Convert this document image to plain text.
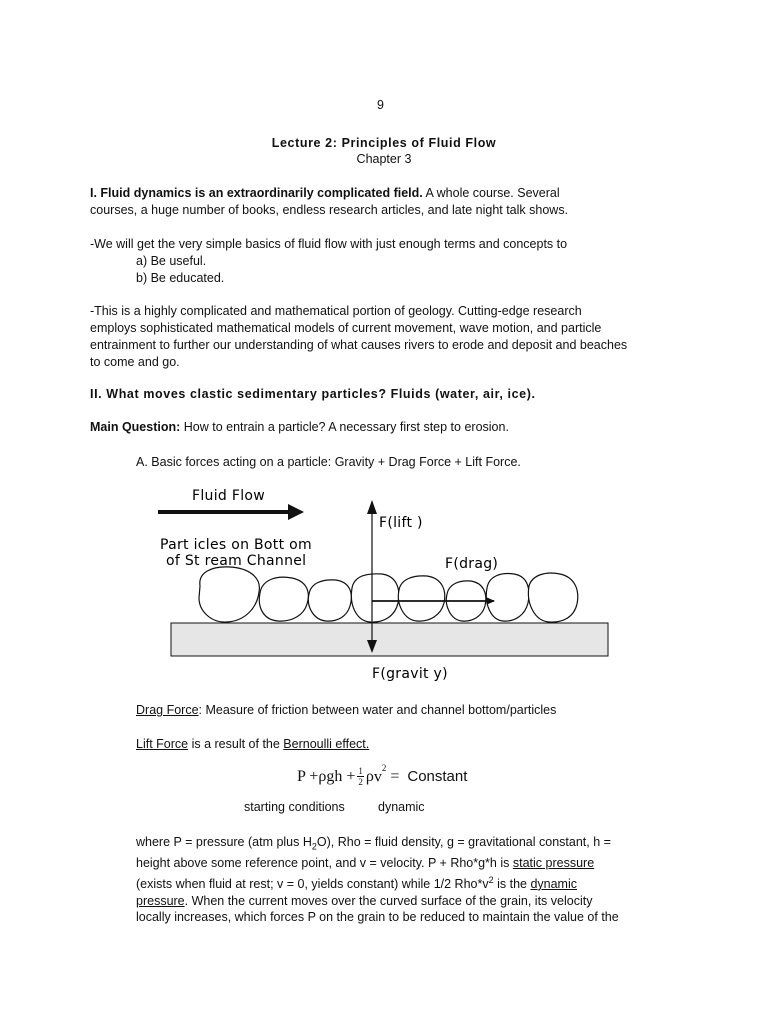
9
Lecture 2: Principles of Fluid Flow
Chapter 3
I. Fluid dynamics is an extraordinarily complicated field. A whole course. Several
courses, a huge number of books, endless research articles, and late night talk shows.
-We will get the very simple basics of fluid flow with just enough terms and concepts to
a) Be useful.
b) Be educated.
-This is a highly complicated and mathematical portion of geology. Cutting-edge research
employs sophisticated mathematical models of current movement, wave motion, and particle
entrainment to further our understanding of what causes rivers to erode and deposit and beaches
to come and go.
II. What moves clastic sedimentary particles? Fluids (water, air, ice).
Main Question: How to entrain a particle? A necessary first step to erosion.
A. Basic forces acting on a particle: Gravity + Drag Force + Lift Force.
Fluid Flow
Part icles on Bott om
of St ream Channel
F(lift )
F(drag)
F(gravit y)
Drag Force: Measure of friction between water and channel bottom/particles
Lift Force is a result of the Bernoulli effect.
$P +\rho gh + \frac{1}{2} \rho v^2$ = Constant
starting conditions	dynamic
where P = pressure (atm plus $H_2O$), Rho = fluid density, g = gravitational constant, h =
height above some reference point, and v = velocity. P + Rho*g*h is static pressure
(exists when fluid at rest; v = 0, yields constant) while 1/2 $Rho*v^2$ is the dynamic
pressure. When the current moves over the curved surface of the grain, its velocity
locally increases, which forces P on the grain to be reduced to maintain the value of the
